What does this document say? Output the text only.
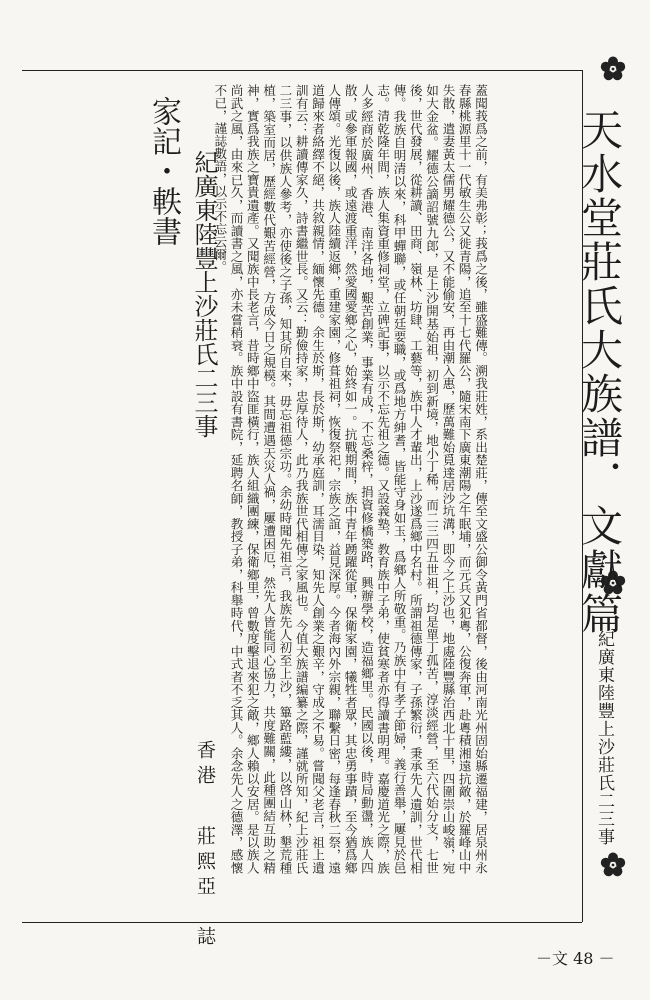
天水堂莊氏大族譜．文獻篇
紀廣東陸豐上沙莊氏二三事
家記・軼書 紀廣東陸豐上沙莊氏二三事
香港
莊熙亞　誌
蓋聞莪爲之前，有美弗彰；莪爲之後，雖盛難傳。溯我莊姓，系出楚莊，傳至文盛公御令黃門省都督，後由河南光州固始縣遷福建，居泉州永春縣桃源里十一代敏生公又徙青陽，追至十七代羅公，隨宋南下廣東潮陽之牛眠埔，而元兵又犯粵，公復奔軍，赴粵積湘遠抗敵，於羅峰山中失散，遣妻黃太儒男耀德公，又不能偷安，再由潮入惠，歷萬難始覓達居沙坑溝，即今之上沙也，地處陸豐縣治西北十里，四圍崇山峻嶺，宛如大金盆。耀德公謫詔號九郎，是上沙開基始祖，初到新境，地小丁稀，而二三四五世祖，均是單丁孤苦，淳淡經營，至六代始分支，七世後，世代發展，從耕讀、田商、嶺林、坊肆、工藝等，族中人才輩出，上沙遂爲鄉中名村。所謂祖德傳家，子孫繁衍，秉承先人遺訓，世代相傳。我族自明清以來，科甲蟬聯，或任朝廷要職，或爲地方紳耆，皆能守身如玉，爲鄉人所敬重。乃族中有孝子節婦，義行善舉，屢見於邑志。清乾隆年間，族人集資重修祠堂，立碑記事，以示不忘先祖之德。又設義塾，教育族中子弟，使貧寒者亦得讀書明理。嘉慶道光之際，族人多經商於廣州、香港、南洋各地，艱苦創業，事業有成，不忘桑梓，捐資修橋築路，興辦學校，造福鄉里。民國以後，時局動盪，族人四散，或參軍報國，或遠渡重洋，然愛國愛鄉之心，始終如一。抗戰期間，族中青年踴躍從軍，保衛家園，犧牲者眾，其忠勇事蹟，至今猶爲鄉人傳頌。光復以後，族人陸續返鄉，重建家園，修葺祖祠，恢復祭祀，宗族之誼，益見深厚。今者海內外宗親，聯繫日密，每逢春秋二祭，遠道歸來者絡繹不絕，共敘親情，緬懷先德。余生於斯，長於斯，幼承庭訓，耳濡目染，知先人創業之艱辛，守成之不易。嘗聞父老言，祖上遺訓有云：耕讀傳家久，詩書繼世長。又云：勤儉持家，忠厚待人，此乃我族世代相傳之家風也。今值大族譜編纂之際，謹就所知，紀上沙莊氏二三事，以供族人參考，亦使後之子孫，知其所自來，毋忘祖德宗功。余幼時聞先祖言，我族先人初至上沙，篳路藍縷，以啓山林，墾荒種植，築室而居，歷經數代艱苦經營，方成今日之規模。其間遭遇天災人禍，屢遭困厄，然先人皆能同心協力，共度難關，此種團結互助之精神，實爲我族之寶貴遺產。又聞族中長老言，昔時鄉中盜匪橫行，族人組織團練，保衛鄉里，曾數度擊退來犯之敵，鄉人賴以安居。是以族人尚武之風，由來已久，而讀書之風，亦未嘗稍衰。族中設有書院，延聘名師，教授子弟，科舉時代，中式者不乏其人。余念先人之德澤，感懷不已，謹誌數語，以示不忘云爾。
－文 48 －
